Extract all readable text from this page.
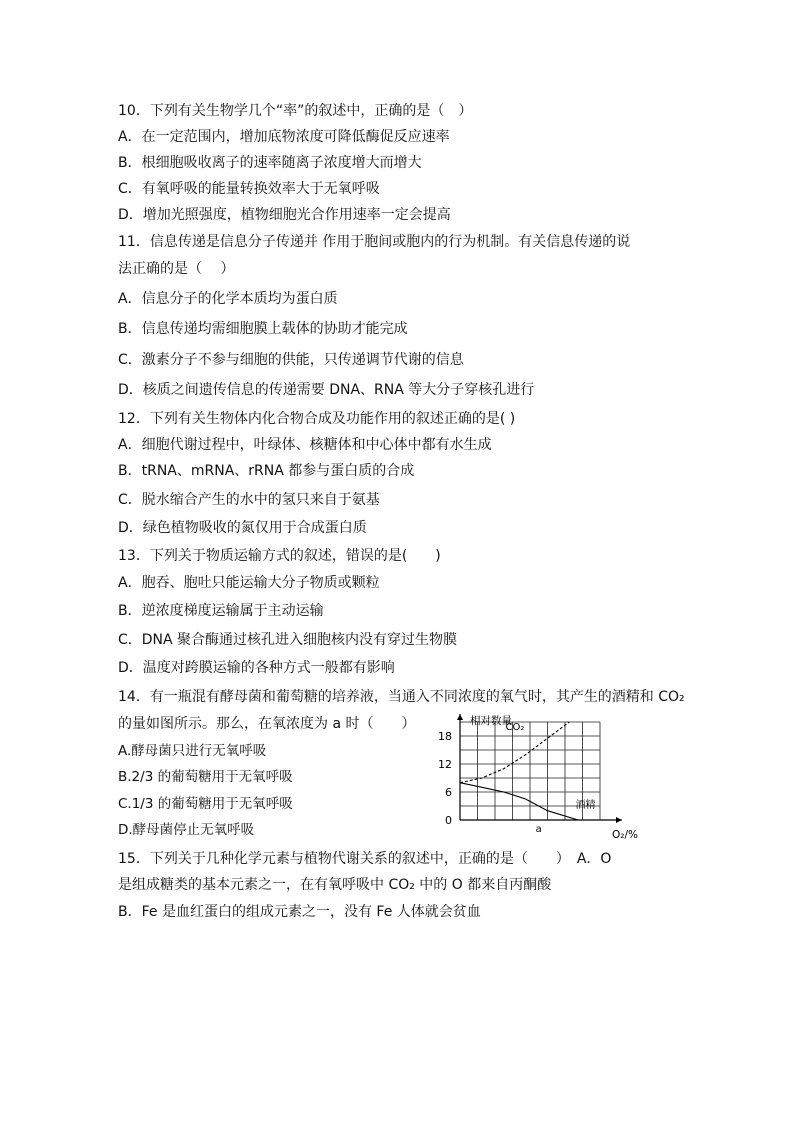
10．下列有关生物学几个“率”的叙述中，正确的是（　）
A．在一定范围内，增加底物浓度可降低酶促反应速率
B．根细胞吸收离子的速率随离子浓度增大而增大
C．有氧呼吸的能量转换效率大于无氧呼吸
D．增加光照强度，植物细胞光合作用速率一定会提高
11．信息传递是信息分子传递并 作用于胞间或胞内的行为机制。有关信息传递的说
法正确的是（　 ）
A．信息分子的化学本质均为蛋白质
B．信息传递均需细胞膜上载体的协助才能完成
C．激素分子不参与细胞的供能，只传递调节代谢的信息
D．核质之间遗传信息的传递需要 DNA、RNA 等大分子穿核孔进行
12．下列有关生物体内化合物合成及功能作用的叙述正确的是( )
A．细胞代谢过程中，叶绿体、核糖体和中心体中都有水生成
B．tRNA、mRNA、rRNA 都参与蛋白质的合成
C．脱水缩合产生的水中的氢只来自于氨基
D．绿色植物吸收的氮仅用于合成蛋白质
13．下列关于物质运输方式的叙述，错误的是(　　)
A．胞吞、胞吐只能运输大分子物质或颗粒
B．逆浓度梯度运输属于主动运输
C．DNA 聚合酶通过核孔进入细胞核内没有穿过生物膜
D．温度对跨膜运输的各种方式一般都有影响
14．有一瓶混有酵母菌和葡萄糖的培养液，当通入不同浓度的氧气时，其产生的酒精和 CO₂
的量如图所示。那么，在氧浓度为 a 时（　　）
A.酵母菌只进行无氧呼吸
B.2/3 的葡萄糖用于无氧呼吸
C.1/3 的葡萄糖用于无氧呼吸
D.酵母菌停止无氧呼吸
15．下列关于几种化学元素与植物代谢关系的叙述中，正确的是（　　）　A．O
是组成糖类的基本元素之一，在有氧呼吸中 CO₂ 中的 O 都来自丙酮酸
B．Fe 是血红蛋白的组成元素之一，没有 Fe 人体就会贫血
0
6
12
18
a
相对数量
O₂/%
CO₂
酒精
